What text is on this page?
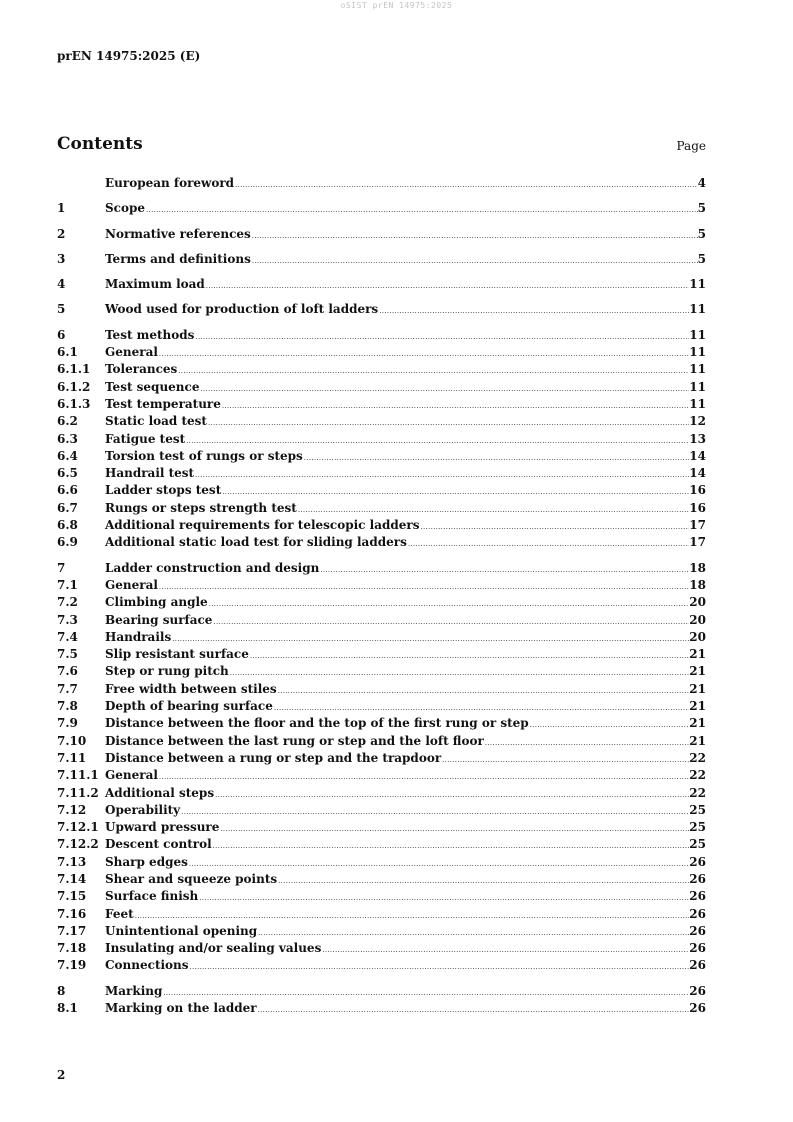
oSIST prEN 14975:2025
prEN 14975:2025 (E)
Contents	Page
European foreword .....	4
1	Scope .....	5
2	Normative references .....	5
3	Terms and definitions .....	5
4	Maximum load .....	11
5	Wood used for production of loft ladders .....	11
6	Test methods .....	11
6.1	General .....	11
6.1.1	Tolerances .....	11
6.1.2	Test sequence .....	11
6.1.3	Test temperature .....	11
6.2	Static load test .....	12
6.3	Fatigue test .....	13
6.4	Torsion test of rungs or steps .....	14
6.5	Handrail test .....	14
6.6	Ladder stops test .....	16
6.7	Rungs or steps strength test .....	16
6.8	Additional requirements for telescopic ladders .....	17
6.9	Additional static load test for sliding ladders .....	17
7	Ladder construction and design .....	18
7.1	General .....	18
7.2	Climbing angle .....	20
7.3	Bearing surface .....	20
7.4	Handrails .....	20
7.5	Slip resistant surface .....	21
7.6	Step or rung pitch .....	21
7.7	Free width between stiles .....	21
7.8	Depth of bearing surface .....	21
7.9	Distance between the floor and the top of the first rung or step .....	21
7.10	Distance between the last rung or step and the loft floor .....	21
7.11	Distance between a rung or step and the trapdoor .....	22
7.11.1 General .....	22
7.11.2 Additional steps .....	22
7.12	Operability .....	25
7.12.1 Upward pressure .....	25
7.12.2 Descent control .....	25
7.13	Sharp edges .....	26
7.14	Shear and squeeze points .....	26
7.15	Surface finish .....	26
7.16	Feet .....	26
7.17	Unintentional opening .....	26
7.18	Insulating and/or sealing values .....	26
7.19	Connections .....	26
8	Marking .....	26
8.1	Marking on the ladder .....	26
2
